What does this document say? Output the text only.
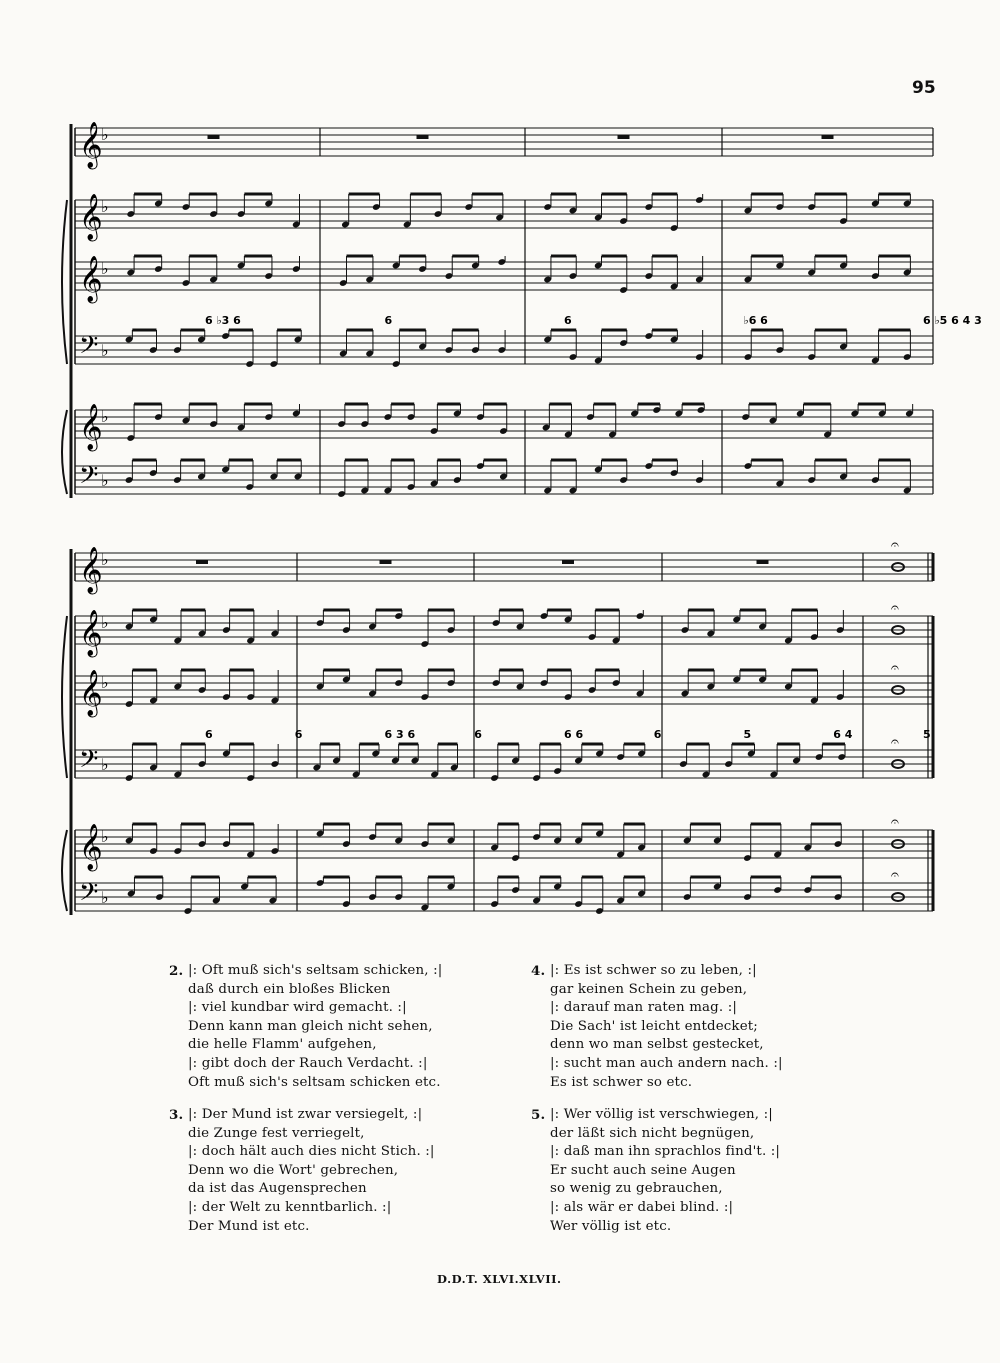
95
𝄞
♭
𝄞
♭
𝄞
♭
𝄢 ♭
𝄞
♭
𝄢 ♭
6 ♭3 6	6	6	♭6 6	6 ♭5 6 4 3
𝄞
♭
𝄞
♭
𝄞
♭
𝄢 ♭
𝄞
♭
𝄢 ♭
𝄐
𝄐
𝄐
𝄐
𝄐
𝄐
6	6	6 3 6	6	6 6	6	5	6 4	5
2. |: Oft muß sich's seltsam schicken, :|
daß durch ein bloßes Blicken
|: viel kundbar wird gemacht. :|
Denn kann man gleich nicht sehen,
die helle Flamm' aufgehen,
|: gibt doch der Rauch Verdacht. :|
Oft muß sich's seltsam schicken etc.
4. |: Es ist schwer so zu leben, :|
gar keinen Schein zu geben,
|: darauf man raten mag. :|
Die Sach' ist leicht entdecket;
denn wo man selbst gestecket,
|: sucht man auch andern nach. :|
Es ist schwer so etc.
3. |: Der Mund ist zwar versiegelt, :|
die Zunge fest verriegelt,
|: doch hält auch dies nicht Stich. :|
Denn wo die Wort' gebrechen,
da ist das Augensprechen
|: der Welt zu kenntbarlich. :|
Der Mund ist etc.
5. |: Wer völlig ist verschwiegen, :|
der läßt sich nicht begnügen,
|: daß man ihn sprachlos find't. :|
Er sucht auch seine Augen
so wenig zu gebrauchen,
|: als wär er dabei blind. :|
Wer völlig ist etc.
D.D.T. XLVI.XLVII.
